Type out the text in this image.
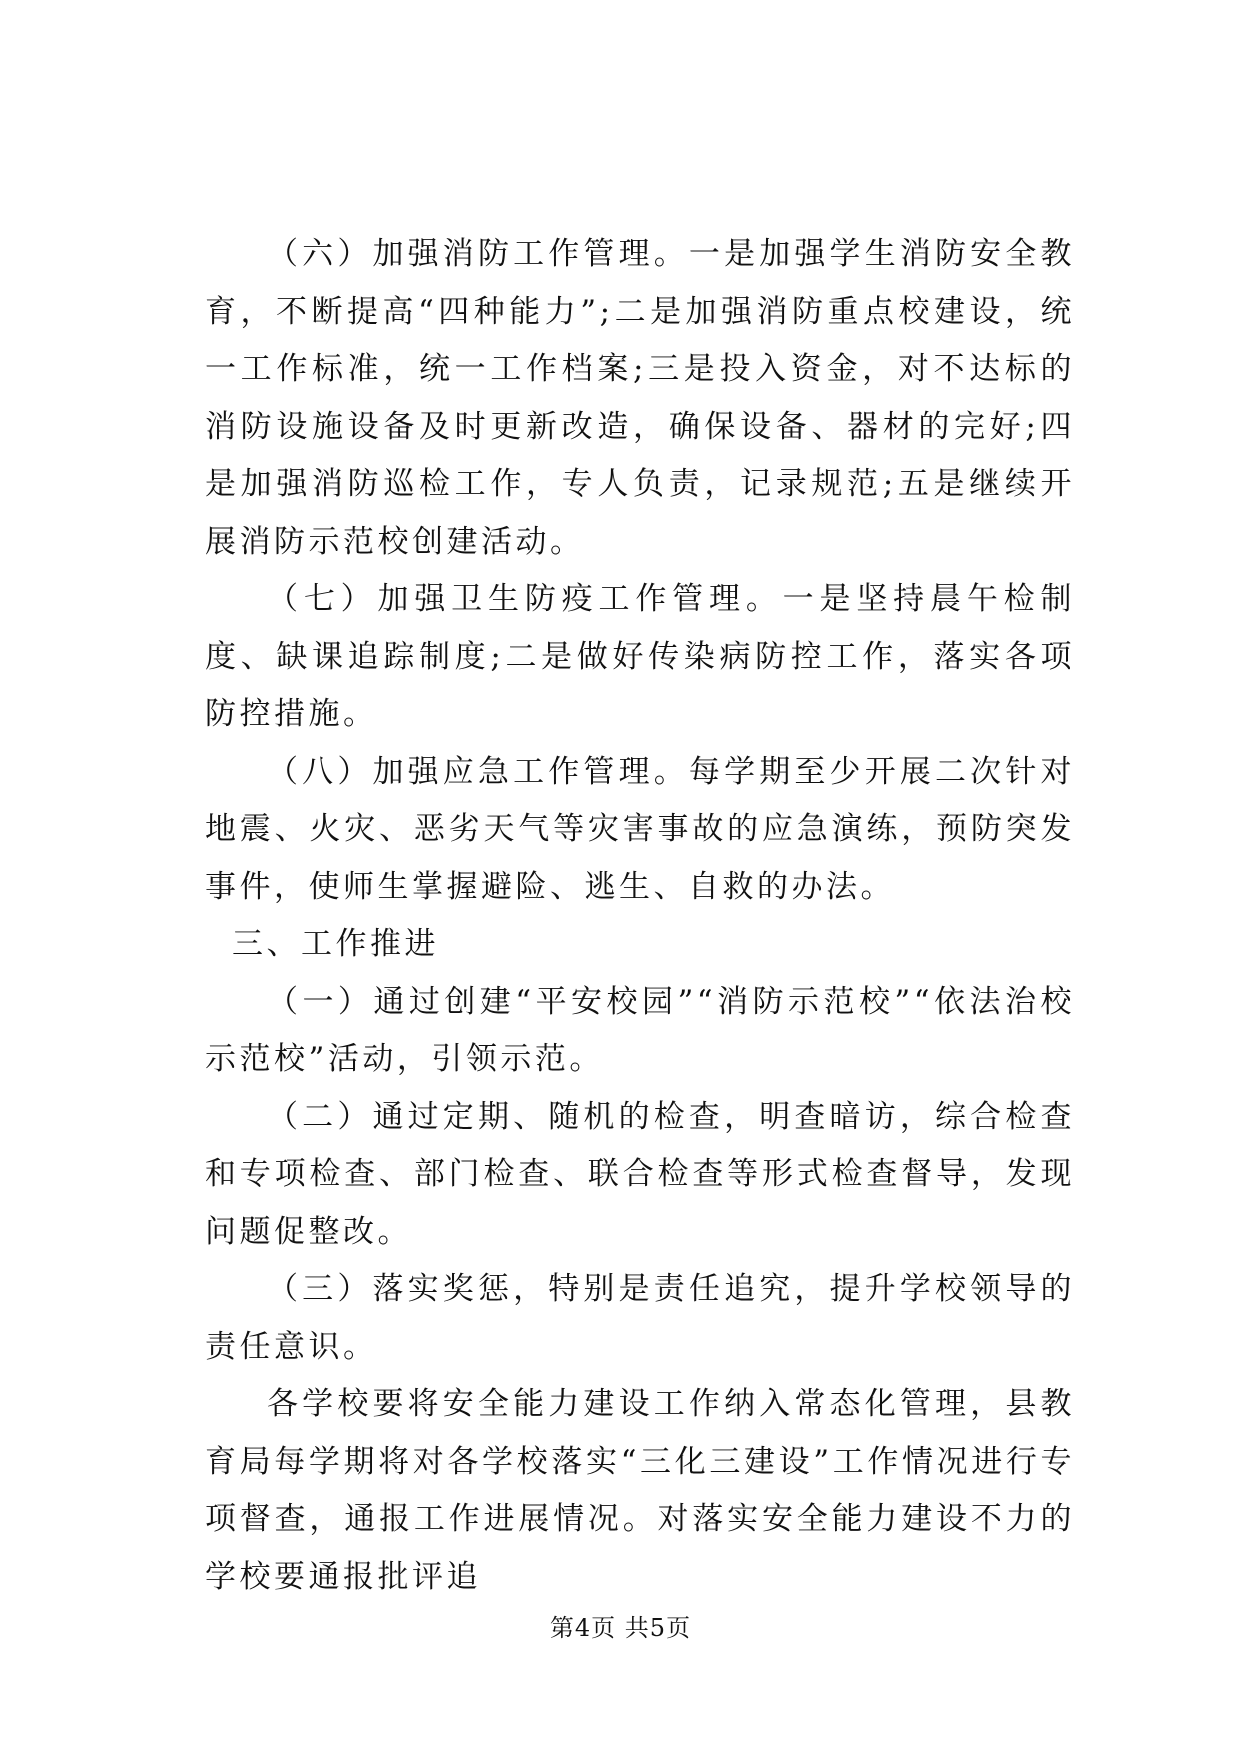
（六）加强消防工作管理。一是加强学生消防安全教育，不断提高“四种能力”;二是加强消防重点校建设，统一工作标准，统一工作档案;三是投入资金，对不达标的消防设施设备及时更新改造，确保设备、器材的完好;四是加强消防巡检工作，专人负责，记录规范;五是继续开展消防示范校创建活动。

（七）加强卫生防疫工作管理。一是坚持晨午检制度、缺课追踪制度;二是做好传染病防控工作，落实各项防控措施。

（八）加强应急工作管理。每学期至少开展二次针对地震、火灾、恶劣天气等灾害事故的应急演练，预防突发事件，使师生掌握避险、逃生、自救的办法。

三、工作推进

（一）通过创建“平安校园”“消防示范校”“依法治校示范校”活动，引领示范。

（二）通过定期、随机的检查，明查暗访，综合检查和专项检查、部门检查、联合检查等形式检查督导，发现问题促整改。

（三）落实奖惩，特别是责任追究，提升学校领导的责任意识。

各学校要将安全能力建设工作纳入常态化管理，县教育局每学期将对各学校落实“三化三建设”工作情况进行专项督查，通报工作进展情况。对落实安全能力建设不力的学校要通报批评追

第4页 共5页
